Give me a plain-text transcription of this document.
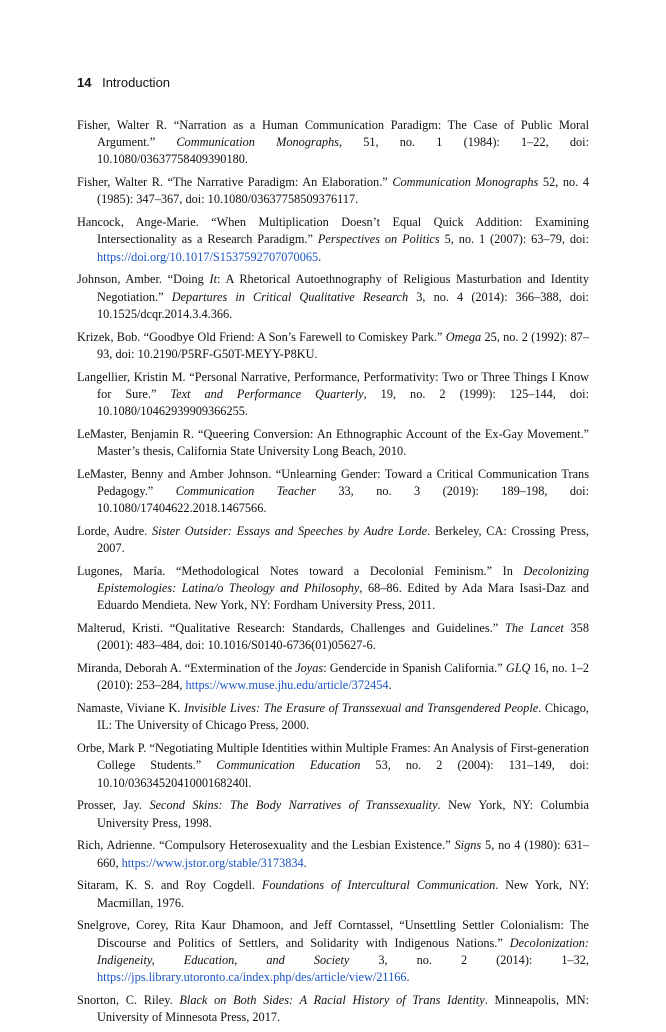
14 Introduction

Fisher, Walter R. “Narration as a Human Communication Paradigm: The Case of Public Moral Argument.” Communication Monographs, 51, no. 1 (1984): 1–22, doi: 10.1080/03637758409390180.

Fisher, Walter R. “The Narrative Paradigm: An Elaboration.” Communication Monographs 52, no. 4 (1985): 347–367, doi: 10.1080/03637758509376117.

Hancock, Ange-Marie. “When Multiplication Doesn’t Equal Quick Addition: Examining Intersectionality as a Research Paradigm.” Perspectives on Politics 5, no. 1 (2007): 63–79, doi: https://doi.org/10.1017/S1537592707070065.

Johnson, Amber. “Doing It: A Rhetorical Autoethnography of Religious Masturbation and Identity Negotiation.” Departures in Critical Qualitative Research 3, no. 4 (2014): 366–388, doi: 10.1525/dcqr.2014.3.4.366.

Krizek, Bob. “Goodbye Old Friend: A Son’s Farewell to Comiskey Park.” Omega 25, no. 2 (1992): 87–93, doi: 10.2190/P5RF-G50T-MEYY-P8KU.

Langellier, Kristin M. “Personal Narrative, Performance, Performativity: Two or Three Things I Know for Sure.” Text and Performance Quarterly, 19, no. 2 (1999): 125–144, doi: 10.1080/10462939909366255.

LeMaster, Benjamin R. “Queering Conversion: An Ethnographic Account of the Ex-Gay Movement.” Master’s thesis, California State University Long Beach, 2010.

LeMaster, Benny and Amber Johnson. “Unlearning Gender: Toward a Critical Communication Trans Pedagogy.” Communication Teacher 33, no. 3 (2019): 189–198, doi: 10.1080/17404622.2018.1467566.

Lorde, Audre. Sister Outsider: Essays and Speeches by Audre Lorde. Berkeley, CA: Crossing Press, 2007.

Lugones, María. “Methodological Notes toward a Decolonial Feminism.” In Decolonizing Epistemologies: Latina/o Theology and Philosophy, 68–86. Edited by Ada Mara Isasi-Daz and Eduardo Mendieta. New York, NY: Fordham University Press, 2011.

Malterud, Kristi. “Qualitative Research: Standards, Challenges and Guidelines.” The Lancet 358 (2001): 483–484, doi: 10.1016/S0140-6736(01)05627-6.

Miranda, Deborah A. “Extermination of the Joyas: Gendercide in Spanish California.” GLQ 16, no. 1–2 (2010): 253–284, https://www.muse.jhu.edu/article/372454.

Namaste, Viviane K. Invisible Lives: The Erasure of Transsexual and Transgendered People. Chicago, IL: The University of Chicago Press, 2000.

Orbe, Mark P. “Negotiating Multiple Identities within Multiple Frames: An Analysis of First-generation College Students.” Communication Education 53, no. 2 (2004): 131–149, doi: 10.10/0363452041000168240l.

Prosser, Jay. Second Skins: The Body Narratives of Transsexuality. New York, NY: Columbia University Press, 1998.

Rich, Adrienne. “Compulsory Heterosexuality and the Lesbian Existence.” Signs 5, no 4 (1980): 631–660, https://www.jstor.org/stable/3173834.

Sitaram, K. S. and Roy Cogdell. Foundations of Intercultural Communication. New York, NY: Macmillan, 1976.

Snelgrove, Corey, Rita Kaur Dhamoon, and Jeff Corntassel, “Unsettling Settler Colonialism: The Discourse and Politics of Settlers, and Solidarity with Indigenous Nations.” Decolonization: Indigeneity, Education, and Society 3, no. 2 (2014): 1–32, https://jps.library.utoronto.ca/index.php/des/article/view/21166.

Snorton, C. Riley. Black on Both Sides: A Racial History of Trans Identity. Minneapolis, MN: University of Minnesota Press, 2017.
